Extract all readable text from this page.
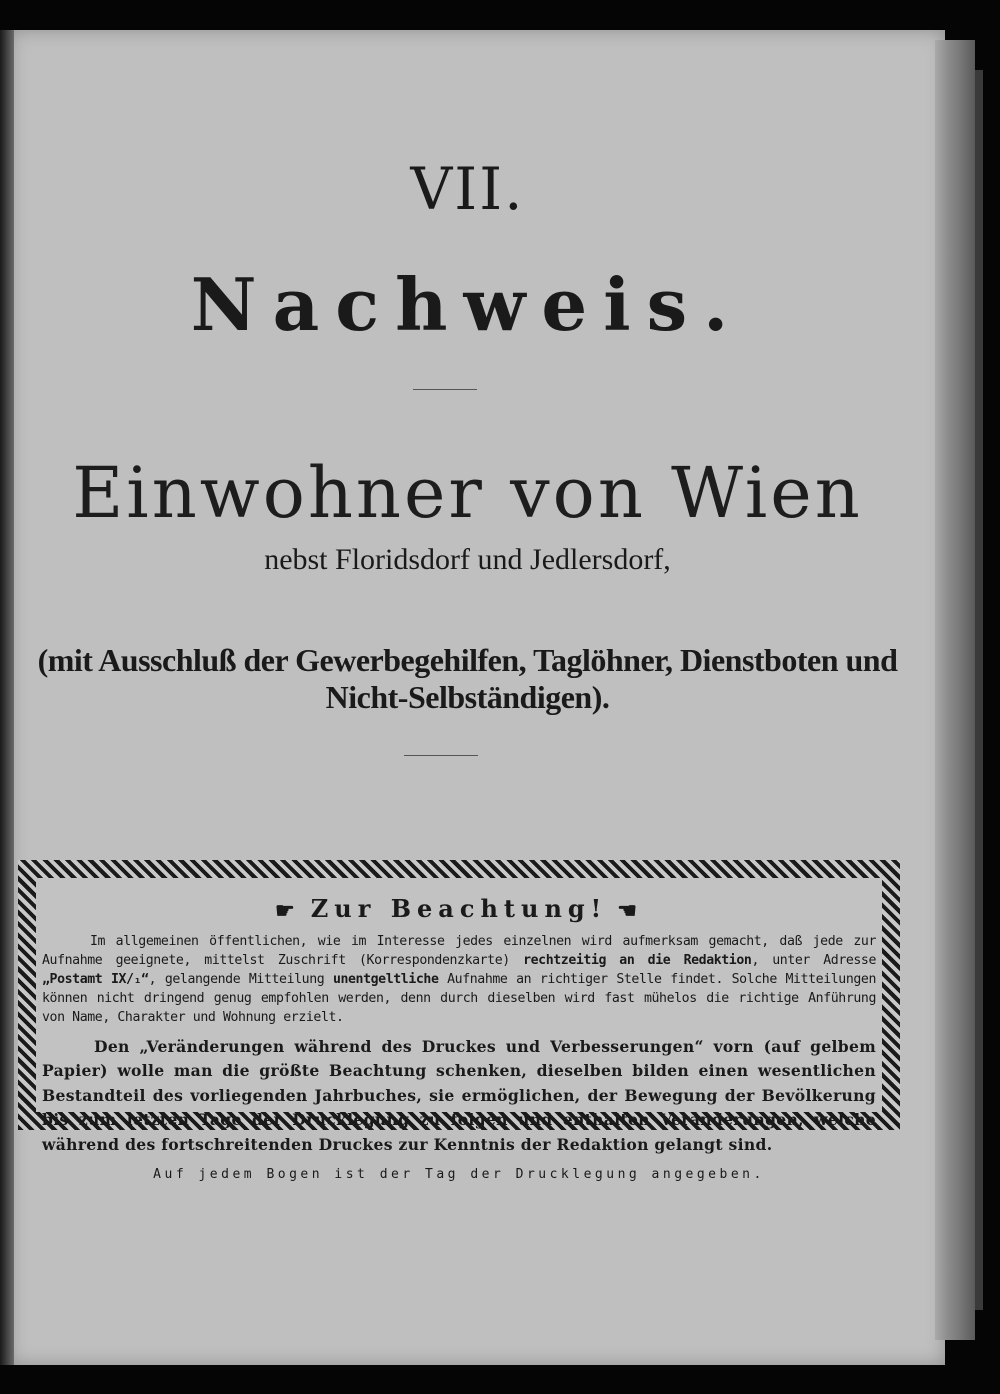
VII.
Nachweis.
Einwohner von Wien
nebst Floridsdorf und Jedlersdorf,
(mit Ausschluß der Gewerbegehilfen, Taglöhner, Dienstboten und Nicht-Selbständigen).
☛ Zur Beachtung! ☚

Im allgemeinen öffentlichen, wie im Interesse jedes einzelnen wird aufmerksam gemacht, daß jede zur Aufnahme geeignete, mittelst Zuschrift (Korrespondenzkarte) rechtzeitig an die Redaktion, unter Adresse „Postamt IX/₁“, gelangende Mitteilung unentgeltliche Aufnahme an richtiger Stelle findet. Solche Mitteilungen können nicht dringend genug empfohlen werden, denn durch dieselben wird fast mühelos die richtige Anführung von Name, Charakter und Wohnung erzielt.

Den „Veränderungen während des Druckes und Verbesserungen“ vorn (auf gelbem Papier) wolle man die größte Beachtung schenken, dieselben bilden einen wesentlichen Bestandteil des vorliegenden Jahrbuches, sie ermöglichen, der Bewegung der Bevölkerung bis zum letzten Tage der Drucklegung zu folgen und enthalten Veränderungen, welche während des fortschreitenden Druckes zur Kenntnis der Redaktion gelangt sind.

Auf jedem Bogen ist der Tag der Drucklegung angegeben.
